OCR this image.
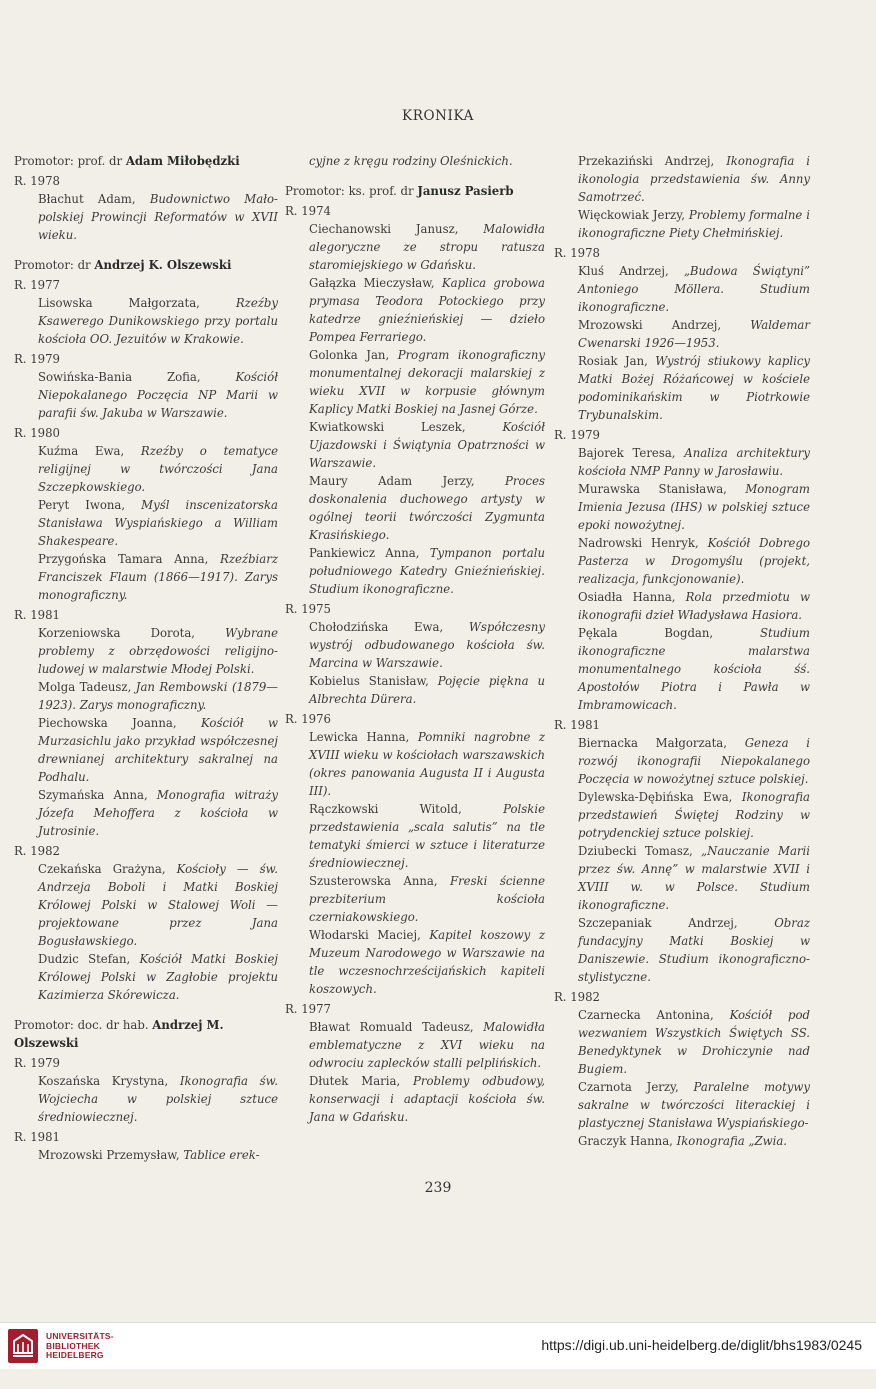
KRONIKA
Promotor: prof. dr Adam Miłobędzki
R. 1978
Błachut Adam, Budownictwo Mało-polskiej Prowincji Reformatów w XVII wieku.
Promotor: dr Andrzej K. Olszewski
R. 1977
Lisowska Małgorzata, Rzeźby Ksawerego Dunikowskiego przy portalu kościoła OO. Jezuitów w Krakowie.
R. 1979
Sowińska-Bania Zofia, Kościół Niepokalanego Poczęcia NP Marii w parafii św. Jakuba w Warszawie.
R. 1980
Kuźma Ewa, Rzeźby o tematyce religijnej w twórczości Jana Szczepkowskiego.
Peryt Iwona, Myśl inscenizatorska Stanisława Wyspiańskiego a William Shakespeare.
Przygońska Tamara Anna, Rzeźbiarz Franciszek Flaum (1866—1917). Zarys monograficzny.
R. 1981
Korzeniowska Dorota, Wybrane problemy z obrzędowości religijno-ludowej w malarstwie Młodej Polski.
Molga Tadeusz, Jan Rembowski (1879—1923). Zarys monograficzny.
Piechowska Joanna, Kościół w Murzasichlu jako przykład współczesnej drewnianej architektury sakralnej na Podhalu.
Szymańska Anna, Monografia witraży Józefa Mehoffera z kościoła w Jutrosinie.
R. 1982
Czekańska Grażyna, Kościoły — św. Andrzeja Boboli i Matki Boskiej Królowej Polski w Stalowej Woli — projektowane przez Jana Bogusławskiego.
Dudzic Stefan, Kościół Matki Boskiej Królowej Polski w Zagłobie projektu Kazimierza Skórewicza.
Promotor: doc. dr hab. Andrzej M. Olszewski
R. 1979
Koszańska Krystyna, Ikonografia św. Wojciecha w polskiej sztuce średniowiecznej.
R. 1981
Mrozowski Przemysław, Tablice erek-
cyjne z kręgu rodziny Oleśnickich.
Promotor: ks. prof. dr Janusz Pasierb
R. 1974
Ciechanowski Janusz, Malowidła alegoryczne ze stropu ratusza staromiejskiego w Gdańsku.
Gałązka Mieczysław, Kaplica grobowa prymasa Teodora Potockiego przy katedrze gnieźnieńskiej — dzieło Pompea Ferrariego.
Golonka Jan, Program ikonograficzny monumentalnej dekoracji malarskiej z wieku XVII w korpusie głównym Kaplicy Matki Boskiej na Jasnej Górze.
Kwiatkowski Leszek, Kościół Ujazdowski i Świątynia Opatrzności w Warszawie.
Maury Adam Jerzy, Proces doskonalenia duchowego artysty w ogólnej teorii twórczości Zygmunta Krasińskiego.
Pankiewicz Anna, Tympanon portalu południowego Katedry Gnieźnieńskiej. Studium ikonograficzne.
R. 1975
Chołodzińska Ewa, Współczesny wystrój odbudowanego kościoła św. Marcina w Warszawie.
Kobielus Stanisław, Pojęcie piękna u Albrechta Dürera.
R. 1976
Lewicka Hanna, Pomniki nagrobne z XVIII wieku w kościołach warszawskich (okres panowania Augusta II i Augusta III).
Rączkowski Witold, Polskie przedstawienia „scala salutis” na tle tematyki śmierci w sztuce i literaturze średniowiecznej.
Szusterowska Anna, Freski ścienne prezbiterium kościoła czerniakowskiego.
Włodarski Maciej, Kapitel koszowy z Muzeum Narodowego w Warszawie na tle wczesnochrześcijańskich kapiteli koszowych.
R. 1977
Bławat Romuald Tadeusz, Malowidła emblematyczne z XVI wieku na odwrociu zaplecków stalli pelplińskich.
Dłutek Maria, Problemy odbudowy, konserwacji i adaptacji kościoła św. Jana w Gdańsku.
Przekaziński Andrzej, Ikonografia i ikonologia przedstawienia św. Anny Samotrzeć.
Więckowiak Jerzy, Problemy formalne i ikonograficzne Piety Chełmińskiej.
R. 1978
Kluś Andrzej, „Budowa Świątyni” Antoniego Möllera. Studium ikonograficzne.
Mrozowski Andrzej, Waldemar Cwenarski 1926—1953.
Rosiak Jan, Wystrój stiukowy kaplicy Matki Bożej Różańcowej w kościele podominikańskim w Piotrkowie Trybunalskim.
R. 1979
Bajorek Teresa, Analiza architektury kościoła NMP Panny w Jarosławiu.
Murawska Stanisława, Monogram Imienia Jezusa (IHS) w polskiej sztuce epoki nowożytnej.
Nadrowski Henryk, Kościół Dobrego Pasterza w Drogomyślu (projekt, realizacja, funkcjonowanie).
Osiadła Hanna, Rola przedmiotu w ikonografii dzieł Władysława Hasiora.
Pękala Bogdan, Studium ikonograficzne malarstwa monumentalnego kościoła śś. Apostołów Piotra i Pawła w Imbramowicach.
R. 1981
Biernacka Małgorzata, Geneza i rozwój ikonografii Niepokalanego Poczęcia w nowożytnej sztuce polskiej.
Dylewska-Dębińska Ewa, Ikonografia przedstawień Świętej Rodziny w potrydenckiej sztuce polskiej.
Dziubecki Tomasz, „Nauczanie Marii przez św. Annę” w malarstwie XVII i XVIII w. w Polsce. Studium ikonograficzne.
Szczepaniak Andrzej, Obraz fundacyjny Matki Boskiej w Daniszewie. Studium ikonograficzno-stylistyczne.
R. 1982
Czarnecka Antonina, Kościół pod wezwaniem Wszystkich Świętych SS. Benedyktynek w Drohiczynie nad Bugiem.
Czarnota Jerzy, Paralelne motywy sakralne w twórczości literackiej i plastycznej Stanisława Wyspiańskiego-
Graczyk Hanna, Ikonografia „Zwia.
239
UNIVERSITÄTS-
BIBLIOTHEK
HEIDELBERG
https://digi.ub.uni-heidelberg.de/diglit/bhs1983/0245
